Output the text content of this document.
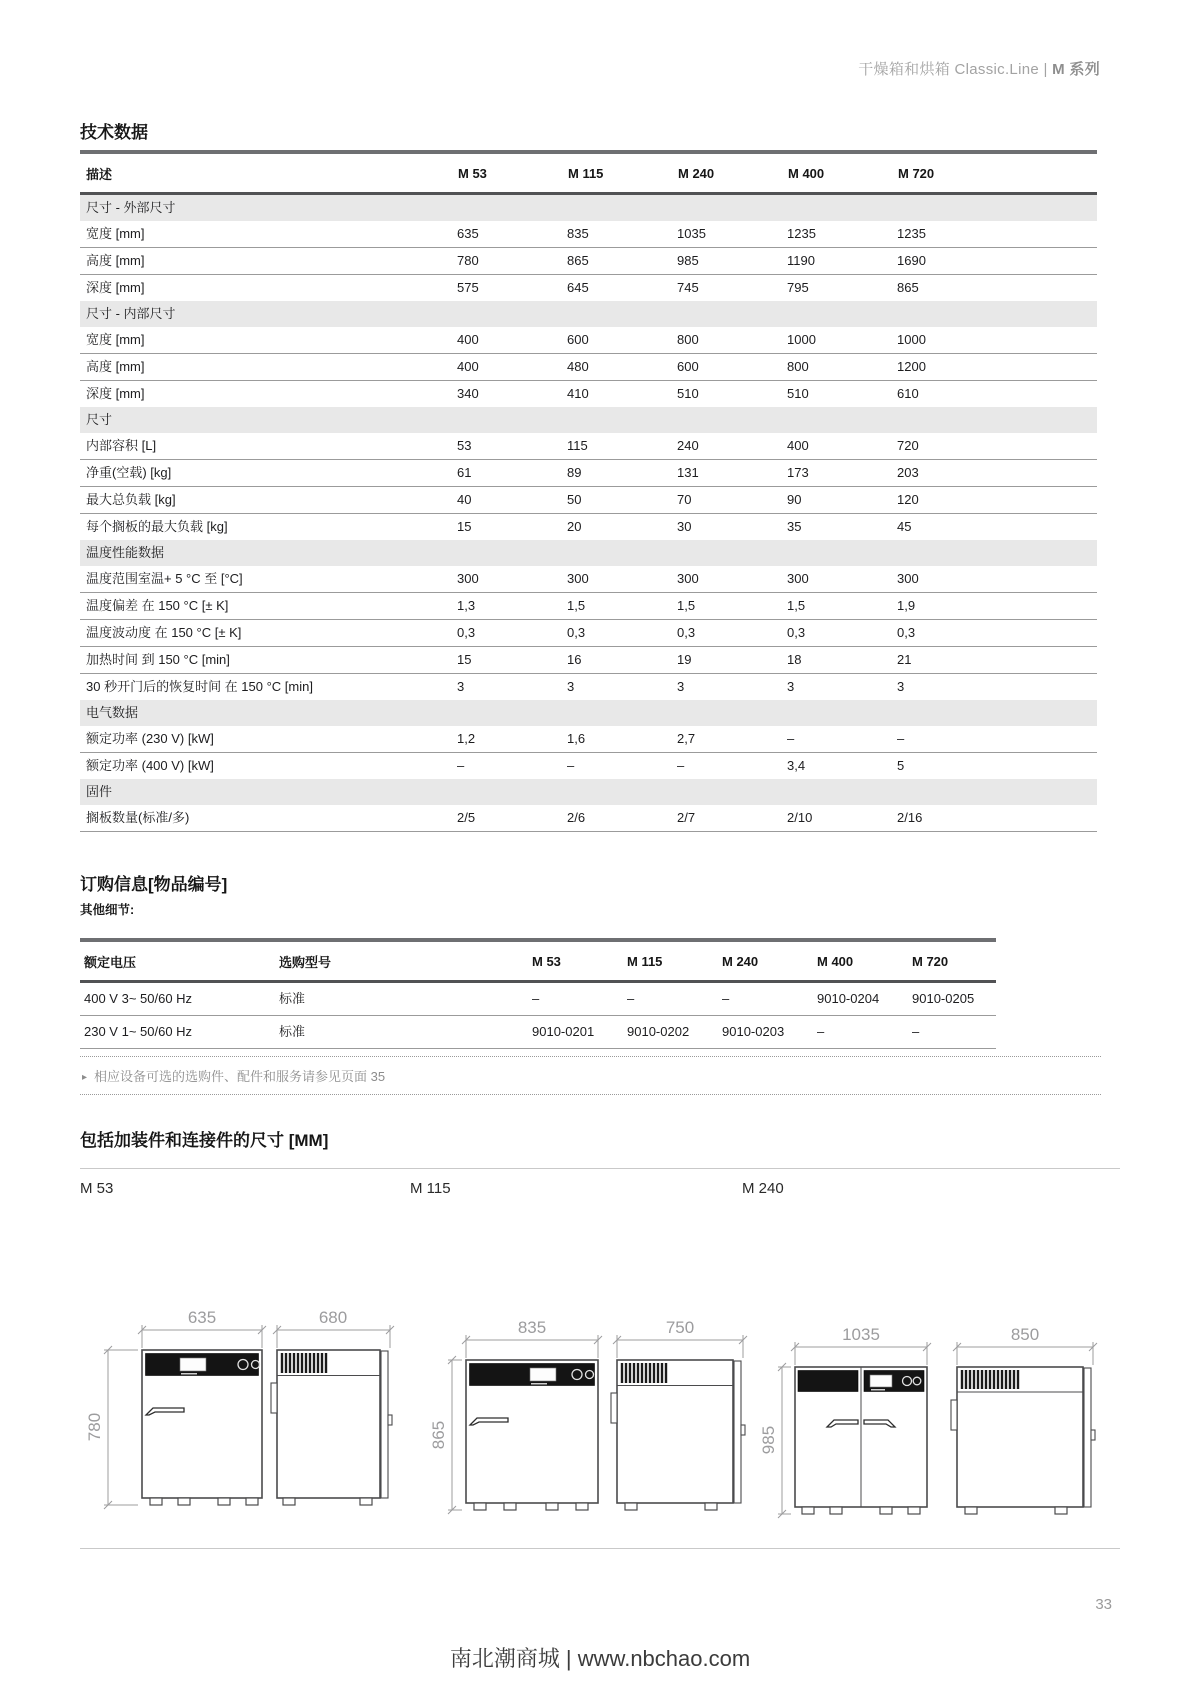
干燥箱和烘箱 Classic.Line | M 系列
技术数据
描述	M 53	M 115	M 240	M 400	M 720
尺寸 - 外部尺寸					
宽度 [mm]	635	835	1035	1235	1235
高度 [mm]	780	865	985	1190	1690
深度 [mm]	575	645	745	795	865
尺寸 - 内部尺寸					
宽度 [mm]	400	600	800	1000	1000
高度 [mm]	400	480	600	800	1200
深度 [mm]	340	410	510	510	610
尺寸					
内部容积 [L]	53	115	240	400	720
净重(空载) [kg]	61	89	131	173	203
最大总负载 [kg]	40	50	70	90	120
每个搁板的最大负载 [kg]	15	20	30	35	45
温度性能数据					
温度范围室温+ 5 °C 至 [°C]	300	300	300	300	300
温度偏差 在 150 °C [± K]	1,3	1,5	1,5	1,5	1,9
温度波动度 在 150 °C [± K]	0,3	0,3	0,3	0,3	0,3
加热时间 到 150 °C [min]	15	16	19	18	21
30 秒开门后的恢复时间 在 150 °C [min]	3	3	3	3	3
电气数据					
额定功率 (230 V) [kW]	1,2	1,6	2,7	–	–
额定功率 (400 V) [kW]	–	–	–	3,4	5
固件					
搁板数量(标准/多)	2/5	2/6	2/7	2/10	2/16
订购信息[物品编号]
其他细节:
额定电压	选购型号	M 53	M 115	M 240	M 400	M 720
400 V 3~ 50/60 Hz	标准	–	–	–	9010-0204	9010-0205
230 V 1~ 50/60 Hz	标准	9010-0201	9010-0202	9010-0203	–	–
▸ 相应设备可选的选购件、配件和服务请参见页面 35
包括加装件和连接件的尺寸 [MM]
M 53	M 115	M 240
635
780
680
835
865
750	1035
985
850
33
南北潮商城 | www.nbchao.com
